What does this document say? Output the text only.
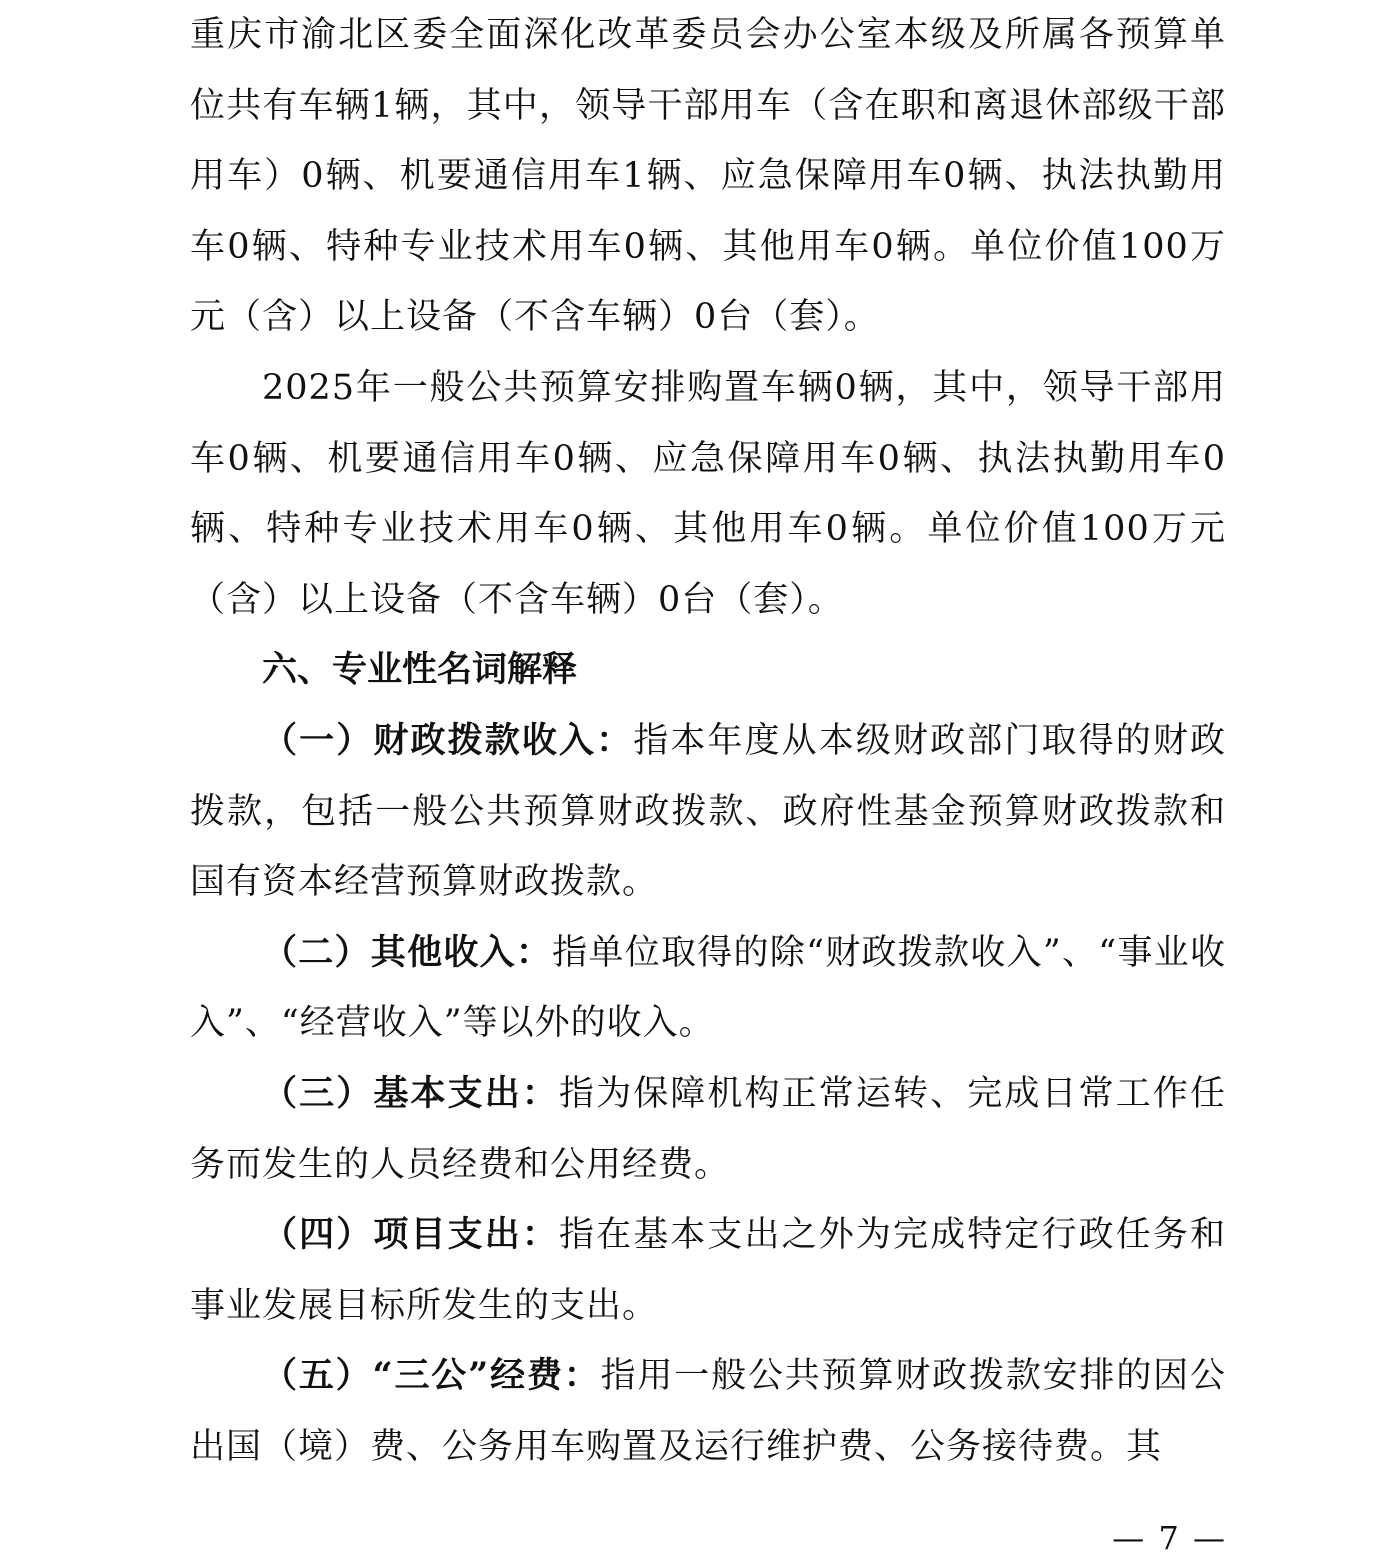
重庆市渝北区委全面深化改革委员会办公室本级及所属各预算单位共有车辆1辆，其中，领导干部用车（含在职和离退休部级干部用车）0辆、机要通信用车1辆、应急保障用车0辆、执法执勤用车0辆、特种专业技术用车0辆、其他用车0辆。单位价值100万元（含）以上设备（不含车辆）0台（套）。

2025年一般公共预算安排购置车辆0辆，其中，领导干部用车0辆、机要通信用车0辆、应急保障用车0辆、执法执勤用车0辆、特种专业技术用车0辆、其他用车0辆。单位价值100万元（含）以上设备（不含车辆）0台（套）。

六、专业性名词解释

（一）财政拨款收入：指本年度从本级财政部门取得的财政拨款，包括一般公共预算财政拨款、政府性基金预算财政拨款和国有资本经营预算财政拨款。

（二）其他收入：指单位取得的除“财政拨款收入”、“事业收入”、“经营收入”等以外的收入。

（三）基本支出：指为保障机构正常运转、完成日常工作任务而发生的人员经费和公用经费。

（四）项目支出：指在基本支出之外为完成特定行政任务和事业发展目标所发生的支出。

（五）“三公”经费：指用一般公共预算财政拨款安排的因公出国（境）费、公务用车购置及运行维护费、公务接待费。其

— 7 —
